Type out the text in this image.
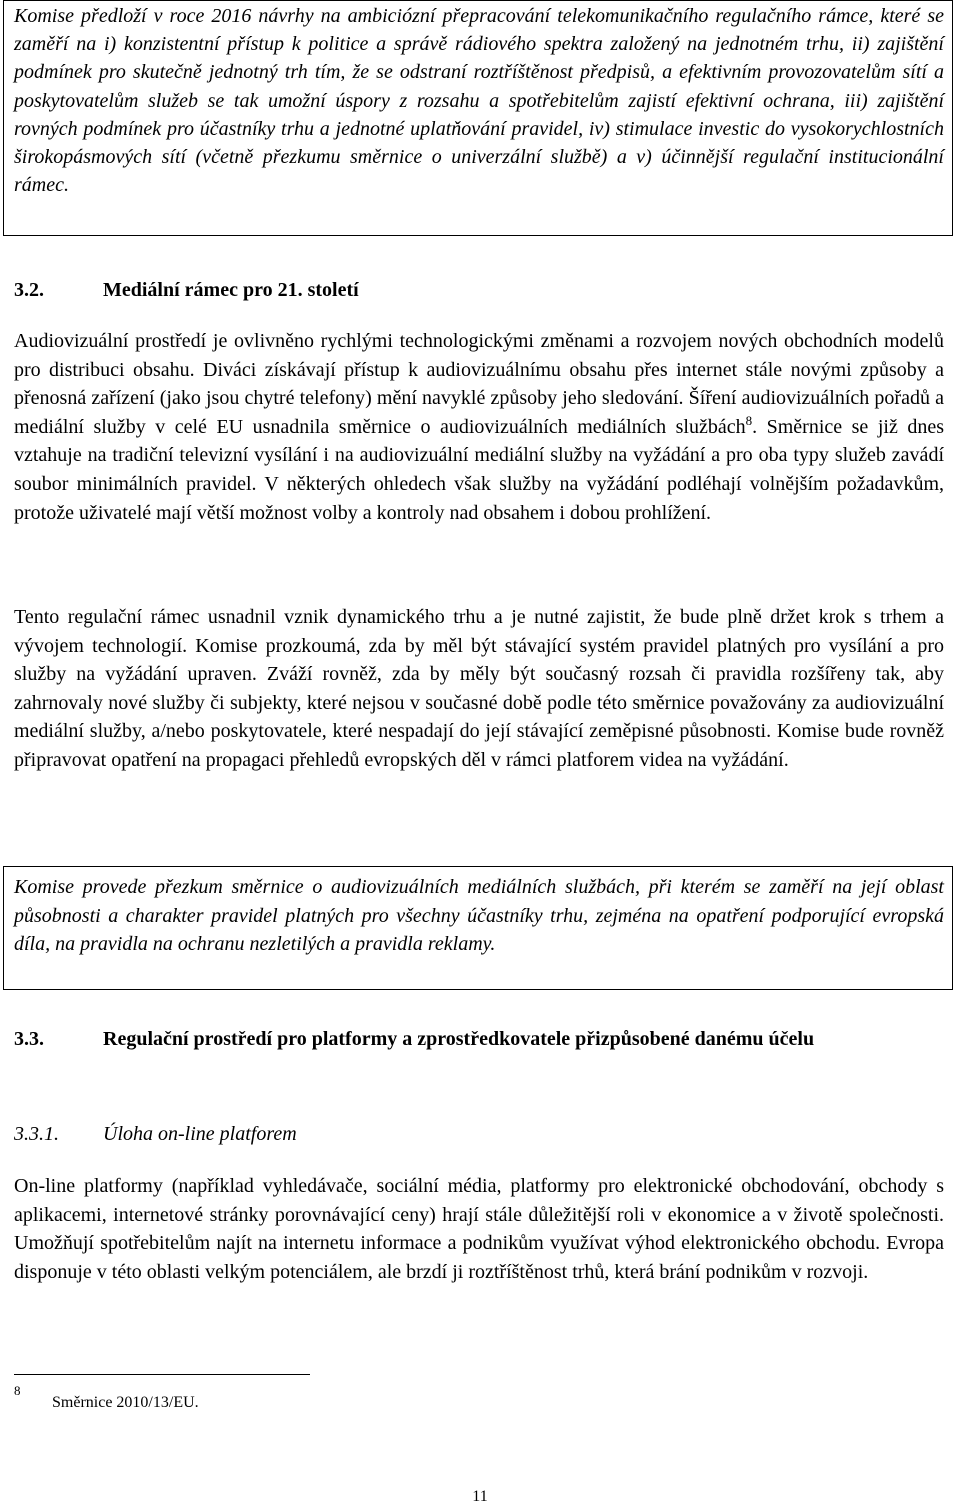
Komise předloží v roce 2016 návrhy na ambiciózní přepracování telekomunikačního regulačního rámce, které se zaměří na i) konzistentní přístup k politice a správě rádiového spektra založený na jednotném trhu, ii) zajištění podmínek pro skutečně jednotný trh tím, že se odstraní roztříštěnost předpisů, a efektivním provozovatelům sítí a poskytovatelům služeb se tak umožní úspory z rozsahu a spotřebitelům zajistí efektivní ochrana, iii) zajištění rovných podmínek pro účastníky trhu a jednotné uplatňování pravidel, iv) stimulace investic do vysokorychlostních širokopásmových sítí (včetně přezkumu směrnice o univerzální službě) a v) účinnější regulační institucionální rámec.
3.2.	Mediální rámec pro 21. století

Audiovizuální prostředí je ovlivněno rychlými technologickými změnami a rozvojem nových obchodních modelů pro distribuci obsahu. Diváci získávají přístup k audiovizuálnímu obsahu přes internet stále novými způsoby a přenosná zařízení (jako jsou chytré telefony) mění navyklé způsoby jeho sledování. Šíření audiovizuálních pořadů a mediální služby v celé EU usnadnila směrnice o audiovizuálních mediálních službách$^8$. Směrnice se již dnes vztahuje na tradiční televizní vysílání i na audiovizuální mediální služby na vyžádání a pro oba typy služeb zavádí soubor minimálních pravidel. V některých ohledech však služby na vyžádání podléhají volnějším požadavkům, protože uživatelé mají větší možnost volby a kontroly nad obsahem i dobou prohlížení.

Tento regulační rámec usnadnil vznik dynamického trhu a je nutné zajistit, že bude plně držet krok s trhem a vývojem technologií. Komise prozkoumá, zda by měl být stávající systém pravidel platných pro vysílání a pro služby na vyžádání upraven. Zváží rovněž, zda by měly být současný rozsah či pravidla rozšířeny tak, aby zahrnovaly nové služby či subjekty, které nejsou v současné době podle této směrnice považovány za audiovizuální mediální služby, a/nebo poskytovatele, které nespadají do její stávající zeměpisné působnosti. Komise bude rovněž připravovat opatření na propagaci přehledů evropských děl v rámci platforem videa na vyžádání.

Komise provede přezkum směrnice o audiovizuálních mediálních službách, při kterém se zaměří na její oblast působnosti a charakter pravidel platných pro všechny účastníky trhu, zejména na opatření podporující evropská díla, na pravidla na ochranu nezletilých a pravidla reklamy.
3.3.	Regulační prostředí pro platformy a zprostředkovatele přizpůsobené danému účelu
3.3.1. Úloha on-line platforem

On-line platformy (například vyhledávače, sociální média, platformy pro elektronické obchodování, obchody s aplikacemi, internetové stránky porovnávající ceny) hrají stále důležitější roli v ekonomice a v životě společnosti. Umožňují spotřebitelům najít na internetu informace a podnikům využívat výhod elektronického obchodu. Evropa disponuje v této oblasti velkým potenciálem, ale brzdí ji roztříštěnost trhů, která brání podnikům v rozvoji.

8
Směrnice 2010/13/EU.
11
